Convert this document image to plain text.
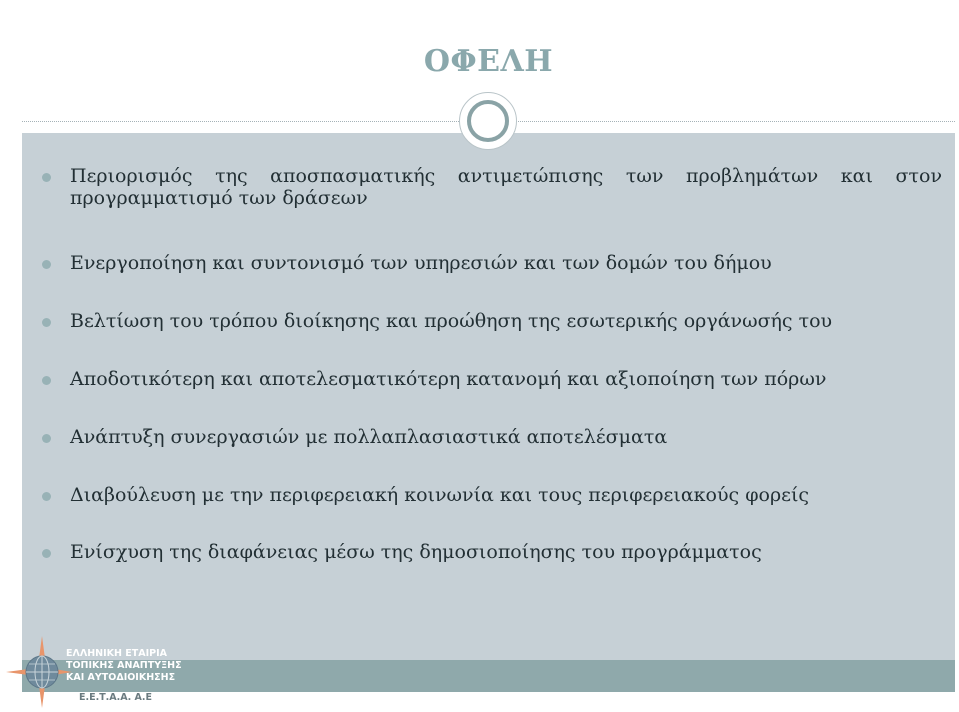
ΟΦΕΛΗ
Περιορισμός της αποσπασματικής αντιμετώπισης των προβλημάτων και στον προγραμματισμό των δράσεων
Ενεργοποίηση και συντονισμό των υπηρεσιών και των δομών του δήμου
Βελτίωση του τρόπου διοίκησης και προώθηση της εσωτερικής οργάνωσής του
Αποδοτικότερη και αποτελεσματικότερη κατανομή και αξιοποίηση των πόρων
Ανάπτυξη συνεργασιών με πολλαπλασιαστικά αποτελέσματα
Διαβούλευση με την περιφερειακή κοινωνία και τους περιφερειακούς φορείς
Ενίσχυση της διαφάνειας μέσω της δημοσιοποίησης του προγράμματος
ΕΛΛΗΝΙΚΗ ΕΤΑΙΡΙΑ
ΤΟΠΙΚΗΣ ΑΝΑΠΤΥΞΗΣ
ΚΑΙ ΑΥΤΟΔΙΟΙΚΗΣΗΣ
Ε.Ε.Τ.Α.Α. Α.Ε
